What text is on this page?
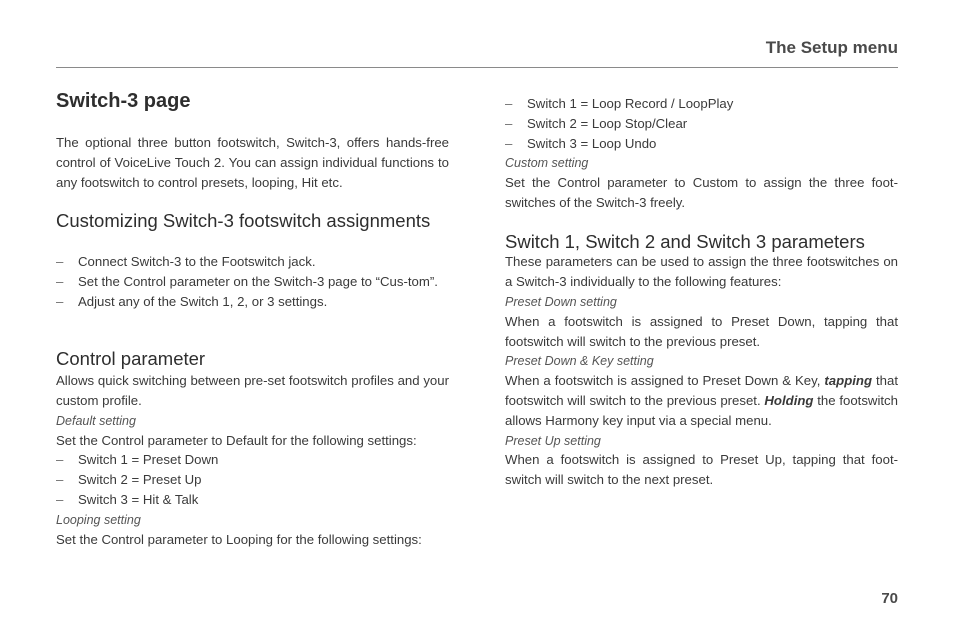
The Setup menu
Switch-3 page

The optional three button footswitch, Switch-3, offers hands-free control of VoiceLive Touch 2. You can assign individual functions to any footswitch to control presets, looping, Hit etc.

Customizing Switch-3 footswitch assignments
– Connect Switch-3 to the Footswitch jack.
– Set the Control parameter on the Switch-3 page to “Cus-tom”.
– Adjust any of the Switch 1, 2, or 3 settings.
Control parameter

Allows quick switching between pre-set footswitch profiles and your custom profile.

Default setting

Set the Control parameter to Default for the following settings:

– Switch 1 = Preset Down
– Switch 2 = Preset Up
– Switch 3 = Hit & Talk

Looping setting

Set the Control parameter to Looping for the following settings:

– Switch 1 = Loop Record / LoopPlay
– Switch 2 = Loop Stop/Clear
– Switch 3 = Loop Undo

Custom setting

Set the Control parameter to Custom to assign the three foot-switches of the Switch-3 freely.

Switch 1, Switch 2 and Switch 3 parameters

These parameters can be used to assign the three footswitches on a Switch-3 individually to the following features:

Preset Down setting

When a footswitch is assigned to Preset Down, tapping that footswitch will switch to the previous preset.

Preset Down & Key setting

When a footswitch is assigned to Preset Down & Key, tapping that footswitch will switch to the previous preset. Holding the footswitch allows Harmony key input via a special menu.

Preset Up setting

When a footswitch is assigned to Preset Up, tapping that foot-switch will switch to the next preset.

70
